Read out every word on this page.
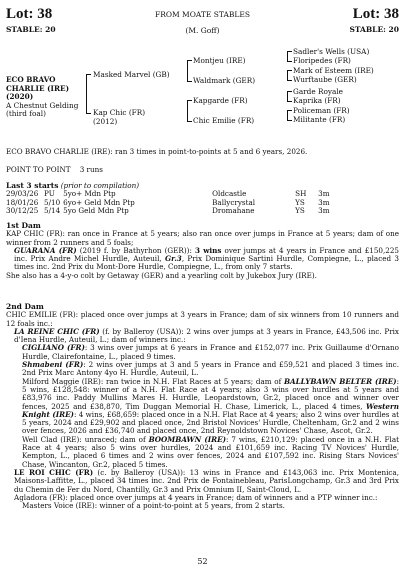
Lot: 38	Lot: 38
FROM MOATE STABLES
(M. Goff)
STABLE: 20	STABLE: 20
ECO BRAVO
CHARLIE (IRE)
(2020)
A Chestnut Gelding
(third foal)
Masked Marvel (GB)
Kap Chic (FR)
(2012)
Montjeu (IRE)
Waldmark (GER)
Kapgarde (FR)
Chic Emilie (FR)
Sadler's Wells (USA)
Floripedes (FR)
Mark of Esteem (IRE)
Wurftaube (GER)
Garde Royale
Kaprika (FR)
Policeman (FR)
Militante (FR)
ECO BRAVO CHARLIE (IRE): ran 3 times in point-to-points at 5 and 6 years, 2026.
POINT TO POINT 3 runs
Last 3 starts (prior to compilation)
29/03/26	PU	5yo+ Mdn Ptp	Oldcastle	SH	3m
18/01/26	5/10	6yo+ Geld Mdn Ptp	Ballycrystal	YS	3m
30/12/25	5/14	5yo Geld Mdn Ptp	Dromahane	YS	3m
1st Dam

KAP CHIC (FR): ran once in France at 5 years; also ran once over jumps in France at 5 years; dam of one winner from 2 runners and 5 foals;

GUARANA (FR) (2019 f. by Bathyrhon (GER)): 3 wins over jumps at 4 years in France and £150,225 inc. Prix Andre Michel Hurdle, Auteuil, Gr.3, Prix Dominique Sartini Hurdle, Compiegne, L., placed 3 times inc. 2nd Prix du Mont-Dore Hurdle, Compiegne, L., from only 7 starts.

She also has a 4-y-o colt by Getaway (GER) and a yearling colt by Jukebox Jury (IRE).

2nd Dam

CHIC EMILIE (FR): placed once over jumps at 3 years in France; dam of six winners from 10 runners and 12 foals inc.:

LA REINE CHIC (FR) (f. by Balleroy (USA)): 2 wins over jumps at 3 years in France, £43,506 inc. Prix d'Iena Hurdle, Auteuil, L.; dam of winners inc.:

CIGLIANO (FR): 3 wins over jumps at 6 years in France and £152,077 inc. Prix Guillaume d'Ornano Hurdle, Clairefontaine, L., placed 9 times.

Shmabeni (FR): 2 wins over jumps at 3 and 5 years in France and £59,521 and placed 3 times inc. 2nd Prix Marc Antony 4yo H. Hurdle, Auteuil, L.

Milford Maggie (IRE): ran twice in N.H. Flat Races at 5 years; dam of BALLYBAWN BELTER (IRE): 5 wins, £128,548: winner of a N.H. Flat Race at 4 years; also 3 wins over hurdles at 5 years and £83,976 inc. Paddy Mullins Mares H. Hurdle, Leopardstown, Gr.2, placed once and winner over fences, 2025 and £38,870, Tim Duggan Memorial H. Chase, Limerick, L., placed 4 times, Western Knight (IRE): 4 wins, £68,659: placed once in a N.H. Flat Race at 4 years; also 2 wins over hurdles at 5 years, 2024 and £29,902 and placed once, 2nd Bristol Novices' Hurdle, Cheltenham, Gr.2 and 2 wins over fences, 2026 and £36,740 and placed once, 2nd Reynoldstown Novices' Chase, Ascot, Gr.2.

Well Clad (IRE): unraced; dam of BOOMBAWN (IRE): 7 wins, £210,129: placed once in a N.H. Flat Race at 4 years; also 5 wins over hurdles, 2024 and £101,659 inc. Racing TV Novices' Hurdle, Kempton, L., placed 6 times and 2 wins over fences, 2024 and £107,592 inc. Rising Stars Novices' Chase, Wincanton, Gr.2, placed 5 times.

LE ROI CHIC (FR) (c. by Balleroy (USA)): 13 wins in France and £143,063 inc. Prix Montenica, Maisons-Laffitte, L., placed 34 times inc. 2nd Prix de Fontainebleau, ParisLongchamp, Gr.3 and 3rd Prix du Chemin de Fer du Nord, Chantilly, Gr.3 and Prix Omnium II, Saint-Cloud, L.

Agladora (FR): placed once over jumps at 4 years in France; dam of winners and a PTP winner inc.:

Masters Voice (IRE): winner of a point-to-point at 5 years, from 2 starts.

52
